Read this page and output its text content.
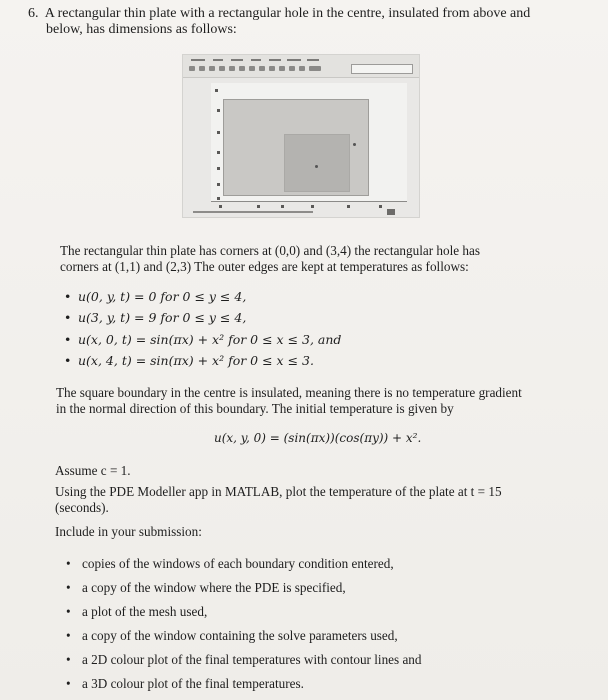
6. A rectangular thin plate with a rectangular hole in the centre, insulated from above and
below, has dimensions as follows:
The rectangular thin plate has corners at (0,0) and (3,4) the rectangular hole has
corners at (1,1) and (2,3) The outer edges are kept at temperatures as follows:
• u(0, y, t) = 0 for 0 ≤ y ≤ 4,
• u(3, y, t) = 9 for 0 ≤ y ≤ 4,
• u(x, 0, t) = sin(πx) + x² for 0 ≤ x ≤ 3, and
• u(x, 4, t) = sin(πx) + x² for 0 ≤ x ≤ 3.
The square boundary in the centre is insulated, meaning there is no temperature gradient
in the normal direction of this boundary. The initial temperature is given by
u(x, y, 0) = (sin(πx))(cos(πy)) + x².
Assume c = 1.
Using the PDE Modeller app in MATLAB, plot the temperature of the plate at t = 15
(seconds).
Include in your submission:
• copies of the windows of each boundary condition entered,
• a copy of the window where the PDE is specified,
• a plot of the mesh used,
• a copy of the window containing the solve parameters used,
• a 2D colour plot of the final temperatures with contour lines and
• a 3D colour plot of the final temperatures.
